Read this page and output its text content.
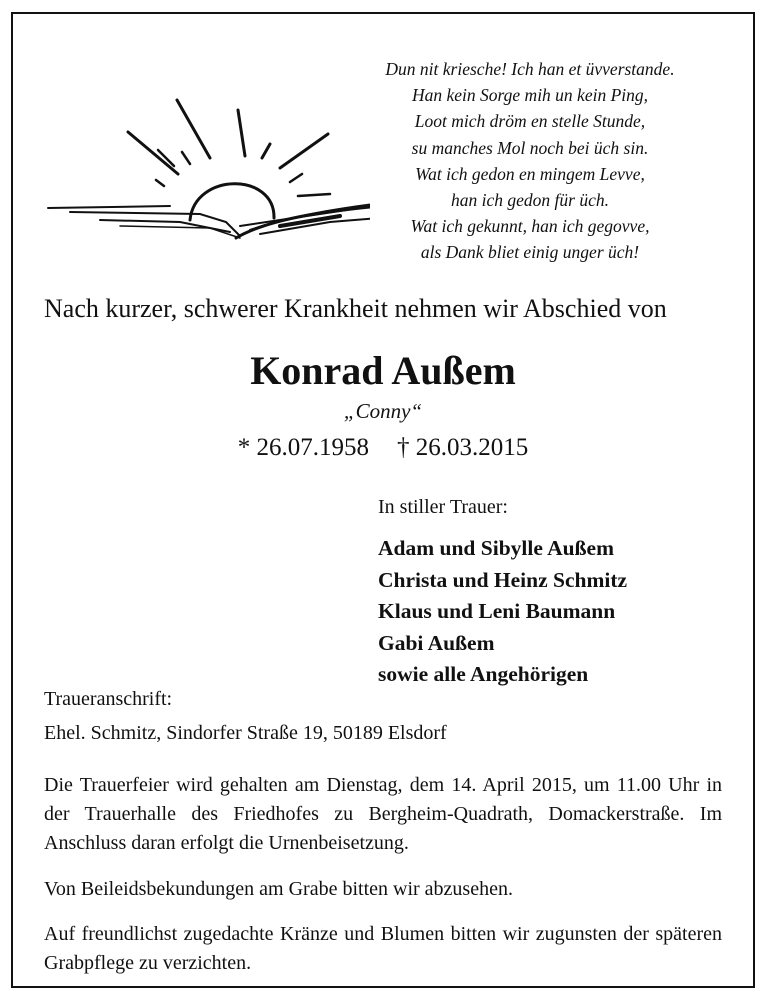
Dun nit kriesche! Ich han et üvverstande.
Han kein Sorge mih un kein Ping,
Loot mich dröm en stelle Stunde,
su manches Mol noch bei üch sin.
Wat ich gedon en mingem Levve,
han ich gedon für üch.
Wat ich gekunnt, han ich gegovve,
als Dank bliet einig unger üch!
Nach kurzer, schwerer Krankheit nehmen wir Abschied von
Konrad Außem
„Conny“
* 26.07.1958 † 26.03.2015
In stiller Trauer:
Adam und Sibylle Außem
Christa und Heinz Schmitz
Klaus und Leni Baumann
Gabi Außem
sowie alle Angehörigen
Traueranschrift:
Ehel. Schmitz, Sindorfer Straße 19, 50189 Elsdorf
Die Trauerfeier wird gehalten am Dienstag, dem 14. April 2015, um 11.00 Uhr in der Trauerhalle des Friedhofes zu Bergheim-Quadrath, Domackerstraße. Im Anschluss daran erfolgt die Urnenbeisetzung.
Von Beileidsbekundungen am Grabe bitten wir abzusehen.
Auf freundlichst zugedachte Kränze und Blumen bitten wir zugunsten der späteren Grabpflege zu verzichten.
